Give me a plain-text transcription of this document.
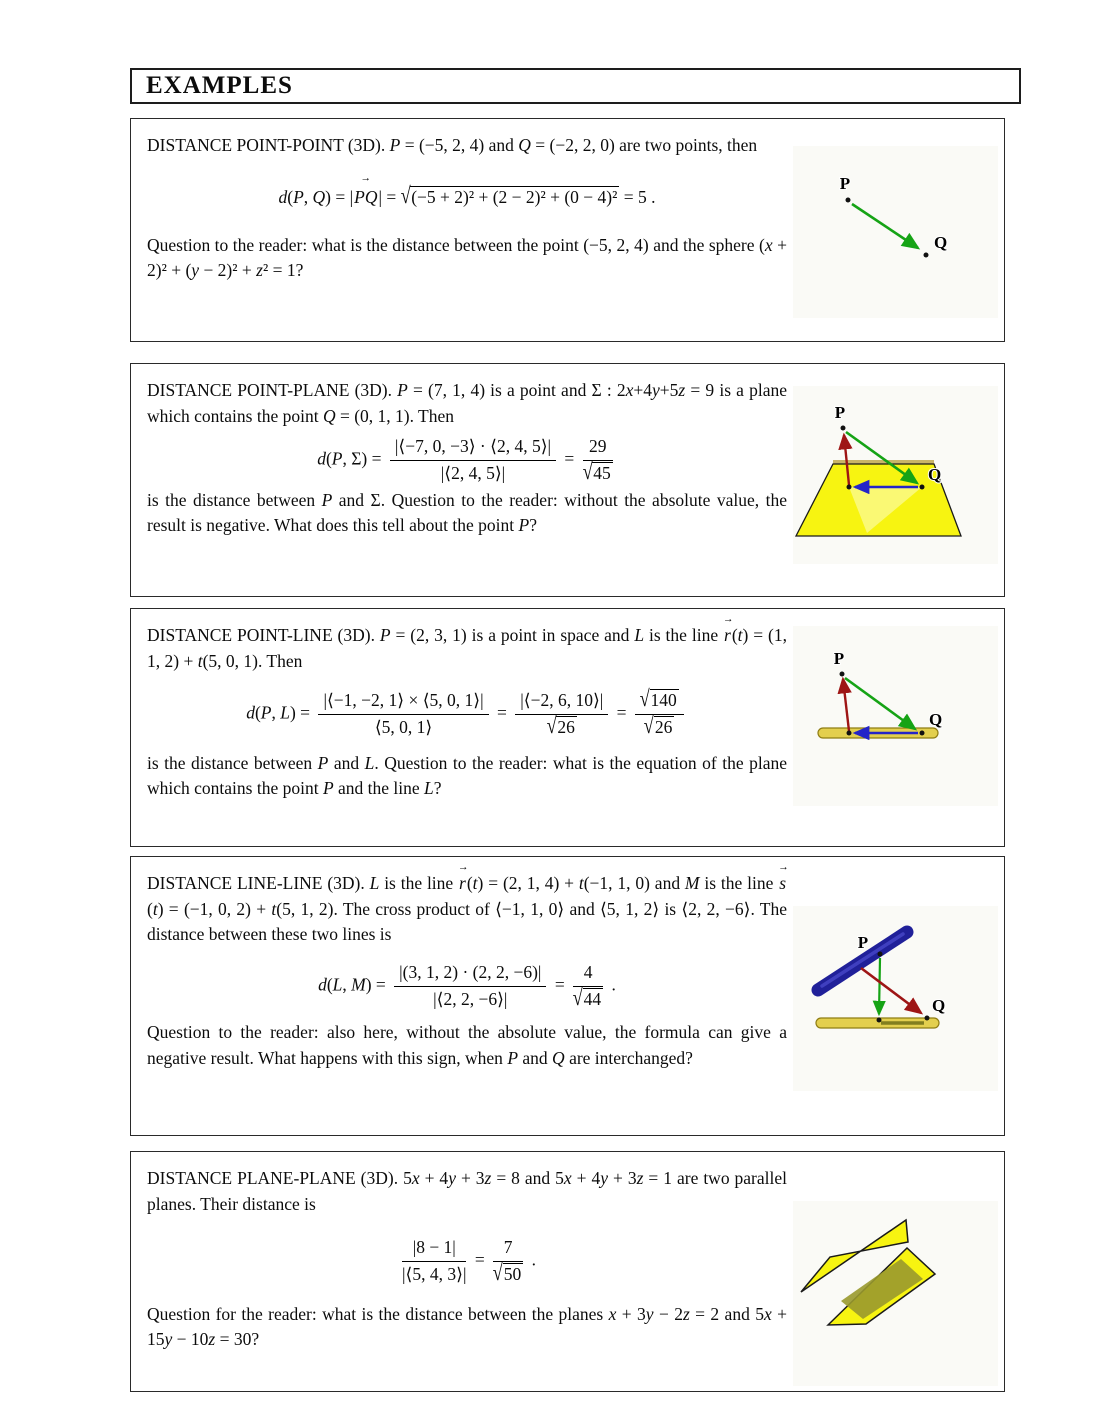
EXAMPLES

DISTANCE POINT-POINT (3D). P = (−5, 2, 4) and Q = (−2, 2, 0) are two points, then

d(P, Q) = |
→
PQ| = √(−5 + 2)² + (2 − 2)² + (0 − 4)² = 5 .

Question to the reader: what is the distance between the point (−5, 2, 4) and the sphere (x + 2)² + (y − 2)² + z² = 1?

P
Q

DISTANCE POINT-PLANE (3D). P = (7, 1, 4) is a point and Σ : 2x+4y+5z = 9 is a plane which contains the point Q = (0, 1, 1). Then

d(P, $\Sigma) = \frac{|⟨-7, 0, -3⟩ \cdot ⟨2, 4, 5⟩|}{|⟨2, 4, 5⟩|} = \frac{29}{√45}$

is the distance between P and Σ. Question to the reader: without the absolute value, the result is negative. What does this tell about the point P?

P
Q

DISTANCE POINT-LINE (3D). P = (2, 3, 1) is a point in space and L is the line
→
r(t) = (1, 1, 2) + t(5, 0, 1). Then

d(P, $L) = \frac{|⟨-1, -2, 1⟩ \times ⟨5, 0, 1⟩|}{⟨5, 0, 1⟩} = \frac{|⟨-2, 6, 10⟩|}{√26} = \frac{√140}{√26}$

is the distance between P and L. Question to the reader: what is the equation of the plane which contains the point P and the line L?

P
Q

DISTANCE LINE-LINE (3D). L is the line
→
r(t) = (2, 1, 4) + t(−1, 1, 0) and M is the line
→
s(t) = (−1, 0, 2) + t(5, 1, 2). The cross product of ⟨−1, 1, 0⟩ and ⟨5, 1, 2⟩ is ⟨2, 2, −6⟩. The distance between these two lines is

d(L, $M) = \frac{|(3, 1, 2) \cdot (2, 2, -6)|}{|⟨2, 2, -6⟩|} = \frac{4}{√44}$ .

Question to the reader: also here, without the absolute value, the formula can give a negative result. What happens with this sign, when P and Q are interchanged?

P
Q

DISTANCE PLANE-PLANE (3D). 5x + 4y + 3z = 8 and 5x + 4y + 3z = 1 are two parallel planes. Their distance is

$\frac{|8 - 1|}{|⟨5, 4, 3⟩|} = \frac{7}{√50}$ .

Question for the reader: what is the distance between the planes x + 3y − 2z = 2 and 5x + 15y − 10z = 30?
